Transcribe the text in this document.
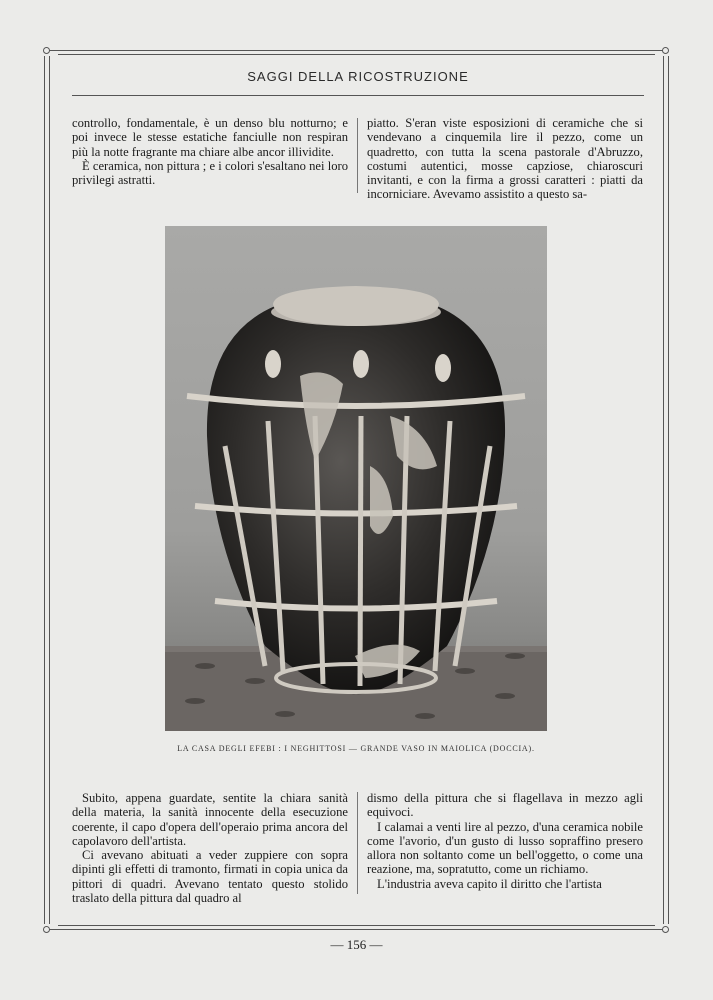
SAGGI DELLA RICOSTRUZIONE

controllo, fondamentale, è un denso blu notturno; e poi invece le stesse estatiche fanciulle non respiran più la notte fragrante ma chiare albe ancor illividite.

È ceramica, non pittura ; e i colori s'esaltano nei loro privilegi astratti.

piatto. S'eran viste esposizioni di ceramiche che si vendevano a cinquemila lire il pezzo, come un quadretto, con tutta la scena pastorale d'Abruzzo, costumi autentici, mosse capziose, chiaroscuri invitanti, e con la firma a grossi caratteri : piatti da incorniciare. Avevamo assistito a questo sa-

LA CASA DEGLI EFEBI : I NEGHITTOSI — GRANDE VASO IN MAIOLICA (DOCCIA).

Subito, appena guardate, sentite la chiara sanità della materia, la sanità innocente della esecuzione coerente, il capo d'opera dell'operaio prima ancora del capolavoro dell'artista.

Ci avevano abituati a veder zuppiere con sopra dipinti gli effetti di tramonto, firmati in copia unica da pittori di quadri. Avevano tentato questo stolido traslato della pittura dal quadro al

dismo della pittura che si flagellava in mezzo agli equivoci.

I calamai a venti lire al pezzo, d'una ceramica nobile come l'avorio, d'un gusto di lusso sopraffino presero allora non soltanto come un bell'oggetto, o come una reazione, ma, sopratutto, come un richiamo.

L'industria aveva capito il diritto che l'artista

— 156 —
